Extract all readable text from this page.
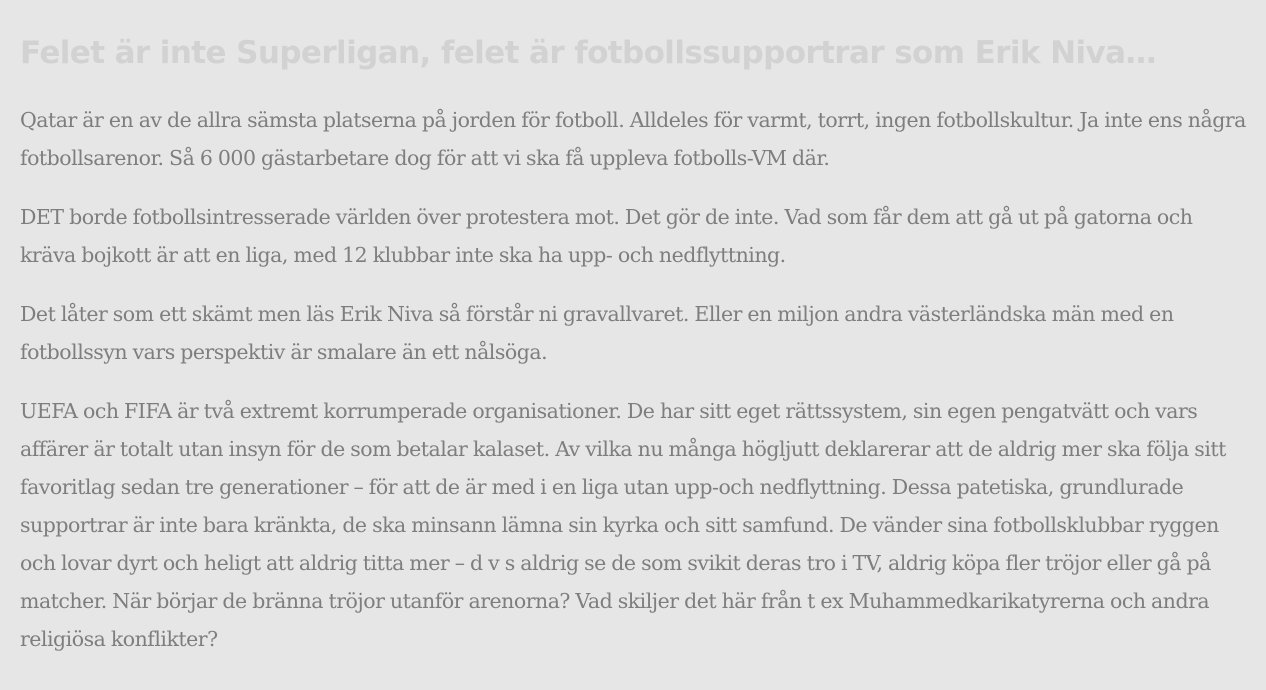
Felet är inte Superligan, felet är fotbollssupportrar som Erik Niva…

Qatar är en av de allra sämsta platserna på jorden för fotboll. Alldeles för varmt, torrt, ingen fotbollskultur. Ja inte ens några fotbollsarenor. Så 6 000 gästarbetare dog för att vi ska få uppleva fotbolls-VM där.

DET borde fotbollsintresserade världen över protestera mot. Det gör de inte. Vad som får dem att gå ut på gatorna och kräva bojkott är att en liga, med 12 klubbar inte ska ha upp- och nedflyttning.

Det låter som ett skämt men läs Erik Niva så förstår ni gravallvaret. Eller en miljon andra västerländska män med en fotbollssyn vars perspektiv är smalare än ett nålsöga.

UEFA och FIFA är två extremt korrumperade organisationer. De har sitt eget rättssystem, sin egen pengatvätt och vars affärer är totalt utan insyn för de som betalar kalaset. Av vilka nu många högljutt deklarerar att de aldrig mer ska följa sitt favoritlag sedan tre generationer – för att de är med i en liga utan upp-och nedflyttning. Dessa patetiska, grundlurade supportrar är inte bara kränkta, de ska minsann lämna sin kyrka och sitt samfund. De vänder sina fotbollsklubbar ryggen och lovar dyrt och heligt att aldrig titta mer – d v s aldrig se de som svikit deras tro i TV, aldrig köpa fler tröjor eller gå på matcher. När börjar de bränna tröjor utanför arenorna? Vad skiljer det här från t ex Muhammedkarikatyrerna och andra religiösa konflikter?
